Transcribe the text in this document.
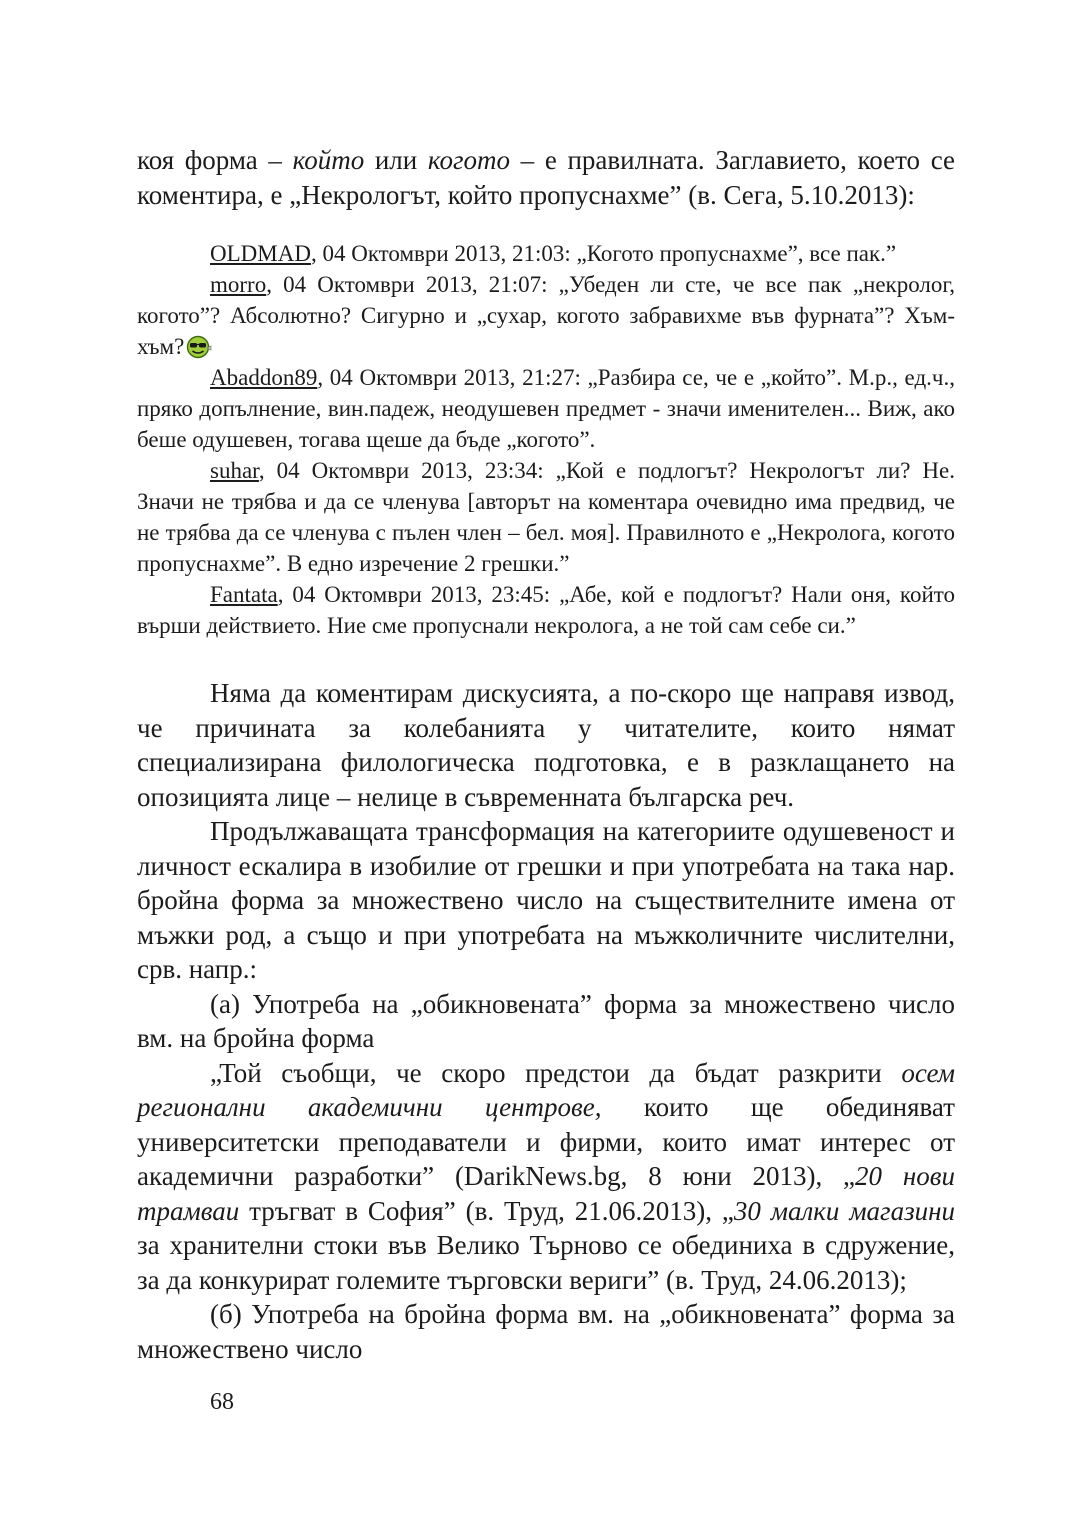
коя форма – който или когото – е правилната. Заглавието, което се коментира, е „Некрологът, който пропуснахме” (в. Сега, 5.10.2013):

OLDMAD, 04 Октомври 2013, 21:03: „Когото пропуснахме”, все пак.”

morro, 04 Октомври 2013, 21:07: „Убеден ли сте, че все пак „некролог, когото”? Абсолютно? Сигурно и „сухар, когото забравихме във фурната”? Хъм-хъм?

Abaddon89, 04 Октомври 2013, 21:27: „Разбира се, че е „който”. М.р., ед.ч., пряко допълнение, вин.падеж, неодушевен предмет - значи именителен... Виж, ако беше одушевен, тогава щеше да бъде „когото”.

suhar, 04 Октомври 2013, 23:34: „Кой е подлогът? Некрологът ли? Не. Значи не трябва и да се членува [авторът на коментара очевидно има предвид, че не трябва да се членува с пълен член – бел. моя]. Правилното е „Некролога, когото пропуснахме”. В едно изречение 2 грешки.”

Fantata, 04 Октомври 2013, 23:45: „Абе, кой е подлогът? Нали оня, който върши действието. Ние сме пропуснали некролога, а не той сам себе си.”

Няма да коментирам дискусията, а по-скоро ще направя извод, че причината за колебанията у читателите, които нямат специализирана филологическа подготовка, е в разклащането на опозицията лице – нелице в съвременната българска реч.

Продължаващата трансформация на категориите одушевеност и личност ескалира в изобилие от грешки и при употребата на така нар. бройна форма за множествено число на съществителните имена от мъжки род, а също и при употребата на мъжколичните числителни, срв. напр.:

(а) Употреба на „обикновената” форма за множествено число вм. на бройна форма

„Той съобщи, че скоро предстои да бъдат разкрити осем регионални академични центрове, които ще обединяват университетски преподаватели и фирми, които имат интерес от академични разработки” (DarikNews.bg, 8 юни 2013), „20 нови трамваи тръгват в София” (в. Труд, 21.06.2013), „30 малки магазини за хранителни стоки във Велико Търново се обединиха в сдружение, за да конкурират големите търговски вериги” (в. Труд, 24.06.2013);

(б) Употреба на бройна форма вм. на „обикновената” форма за множествено число

68
